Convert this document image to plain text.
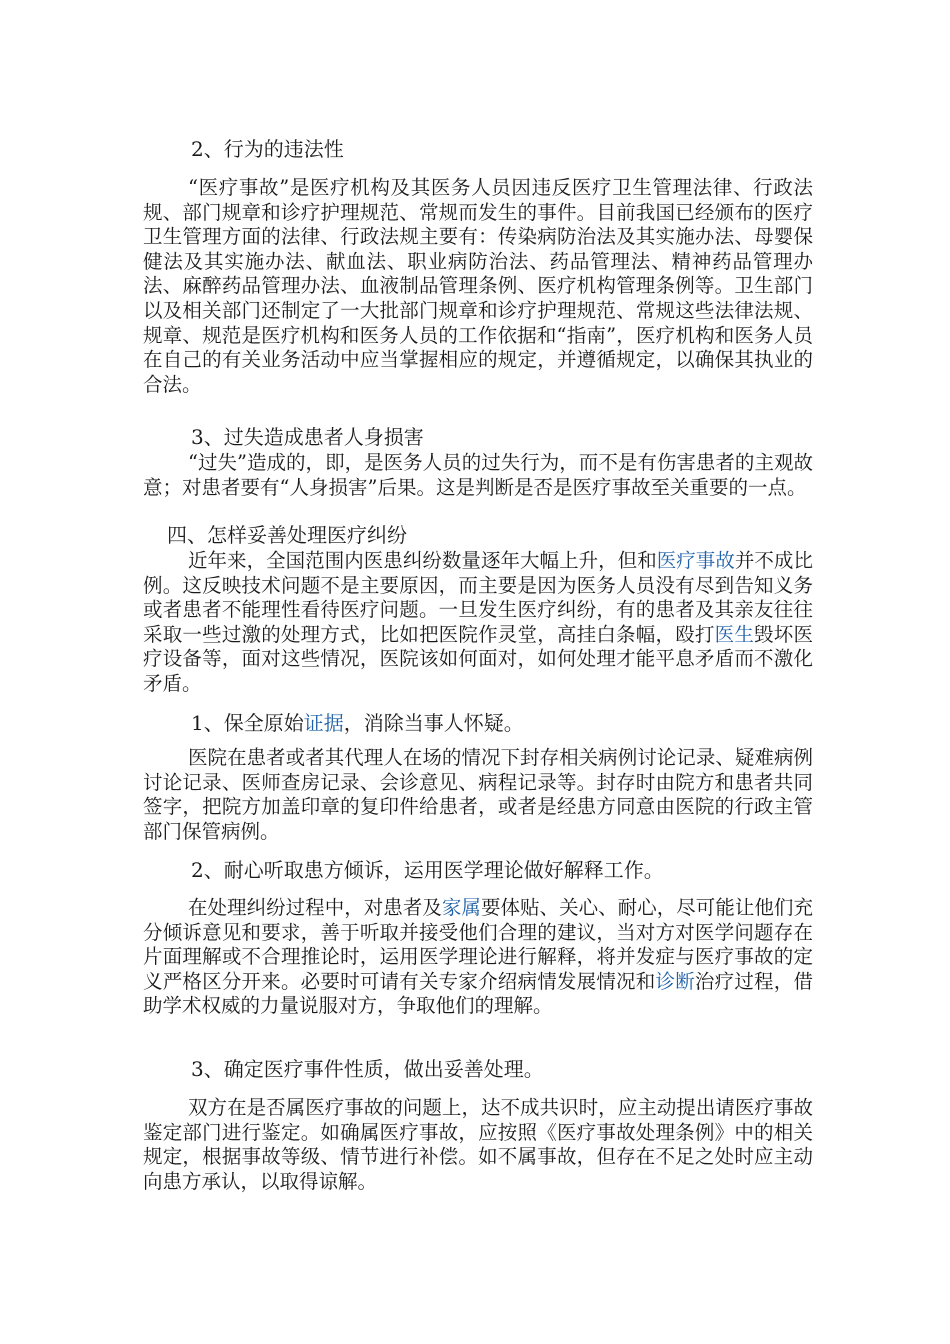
2、行为的违法性

“医疗事故”是医疗机构及其医务人员因违反医疗卫生管理法律、行政法规、部门规章和诊疗护理规范、常规而发生的事件。目前我国已经颁布的医疗卫生管理方面的法律、行政法规主要有：传染病防治法及其实施办法、母婴保健法及其实施办法、献血法、职业病防治法、药品管理法、精神药品管理办法、麻醉药品管理办法、血液制品管理条例、医疗机构管理条例等。卫生部门以及相关部门还制定了一大批部门规章和诊疗护理规范、常规这些法律法规、规章、规范是医疗机构和医务人员的工作依据和“指南”，医疗机构和医务人员在自己的有关业务活动中应当掌握相应的规定，并遵循规定，以确保其执业的合法。

3、过失造成患者人身损害

“过失”造成的，即，是医务人员的过失行为，而不是有伤害患者的主观故意；对患者要有“人身损害”后果。这是判断是否是医疗事故至关重要的一点。

四、怎样妥善处理医疗纠纷

近年来，全国范围内医患纠纷数量逐年大幅上升，但和医疗事故并不成比例。这反映技术问题不是主要原因，而主要是因为医务人员没有尽到告知义务或者患者不能理性看待医疗问题。一旦发生医疗纠纷，有的患者及其亲友往往采取一些过激的处理方式，比如把医院作灵堂，高挂白条幅，殴打医生毁坏医疗设备等，面对这些情况，医院该如何面对，如何处理才能平息矛盾而不激化矛盾。

1、保全原始证据，消除当事人怀疑。

医院在患者或者其代理人在场的情况下封存相关病例讨论记录、疑难病例讨论记录、医师查房记录、会诊意见、病程记录等。封存时由院方和患者共同签字，把院方加盖印章的复印件给患者，或者是经患方同意由医院的行政主管部门保管病例。

2、耐心听取患方倾诉，运用医学理论做好解释工作。

在处理纠纷过程中，对患者及家属要体贴、关心、耐心，尽可能让他们充分倾诉意见和要求，善于听取并接受他们合理的建议，当对方对医学问题存在片面理解或不合理推论时，运用医学理论进行解释，将并发症与医疗事故的定义严格区分开来。必要时可请有关专家介绍病情发展情况和诊断治疗过程，借助学术权威的力量说服对方，争取他们的理解。

3、确定医疗事件性质，做出妥善处理。

双方在是否属医疗事故的问题上，达不成共识时，应主动提出请医疗事故鉴定部门进行鉴定。如确属医疗事故，应按照《医疗事故处理条例》中的相关规定，根据事故等级、情节进行补偿。如不属事故，但存在不足之处时应主动向患方承认，以取得谅解。
